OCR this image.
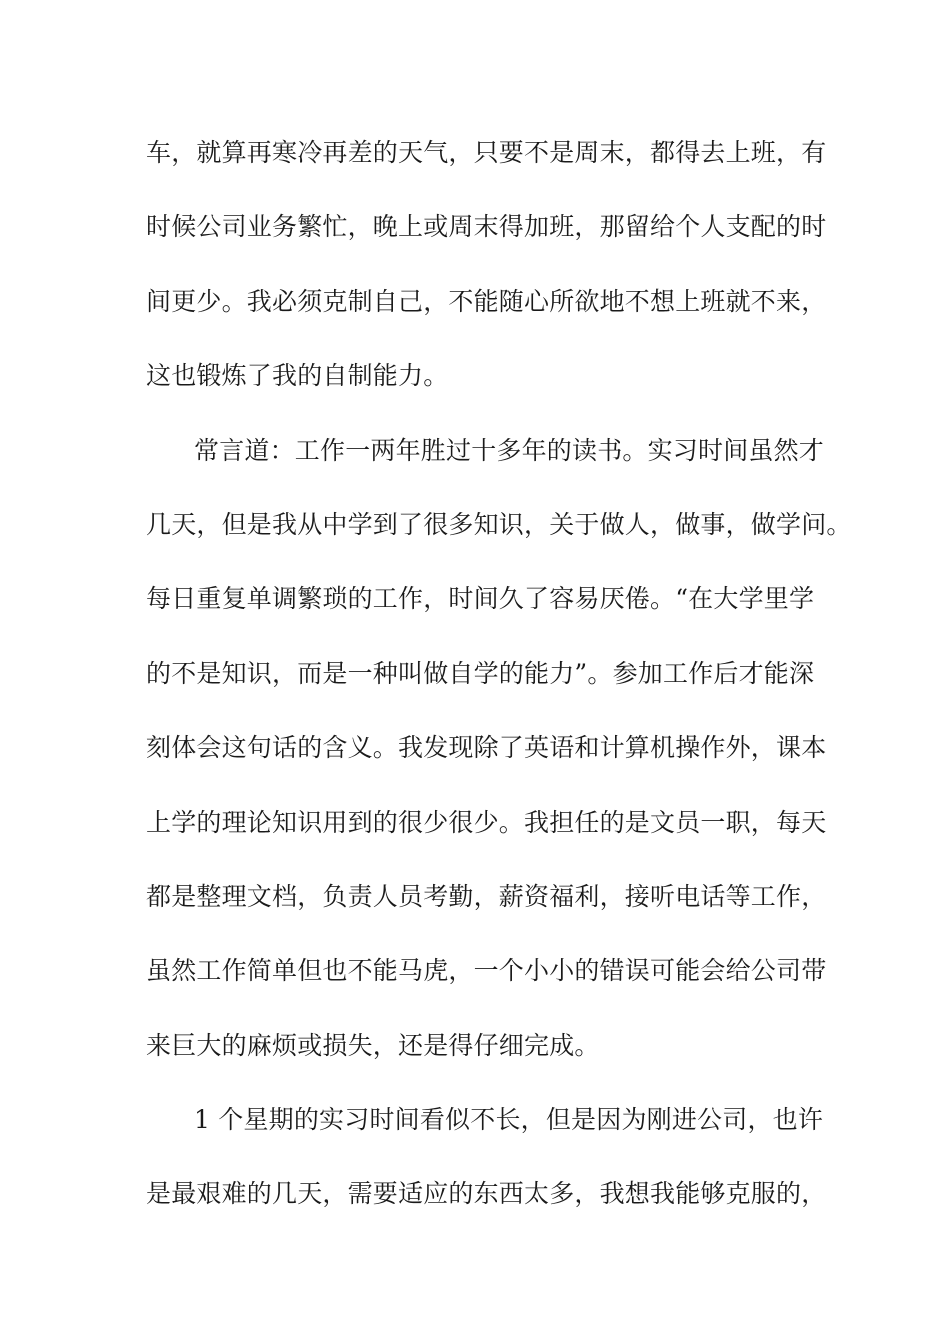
车，就算再寒冷再差的天气，只要不是周末，都得去上班，有
时候公司业务繁忙，晚上或周末得加班，那留给个人支配的时
间更少。我必须克制自己，不能随心所欲地不想上班就不来，
这也锻炼了我的自制能力。
常言道：工作一两年胜过十多年的读书。实习时间虽然才
几天，但是我从中学到了很多知识，关于做人，做事，做学问。
每日重复单调繁琐的工作，时间久了容易厌倦。“在大学里学
的不是知识，而是一种叫做自学的能力”。参加工作后才能深
刻体会这句话的含义。我发现除了英语和计算机操作外，课本
上学的理论知识用到的很少很少。我担任的是文员一职，每天
都是整理文档，负责人员考勤，薪资福利，接听电话等工作，
虽然工作简单但也不能马虎，一个小小的错误可能会给公司带
来巨大的麻烦或损失，还是得仔细完成。
1 个星期的实习时间看似不长，但是因为刚进公司，也许
是最艰难的几天，需要适应的东西太多，我想我能够克服的，
